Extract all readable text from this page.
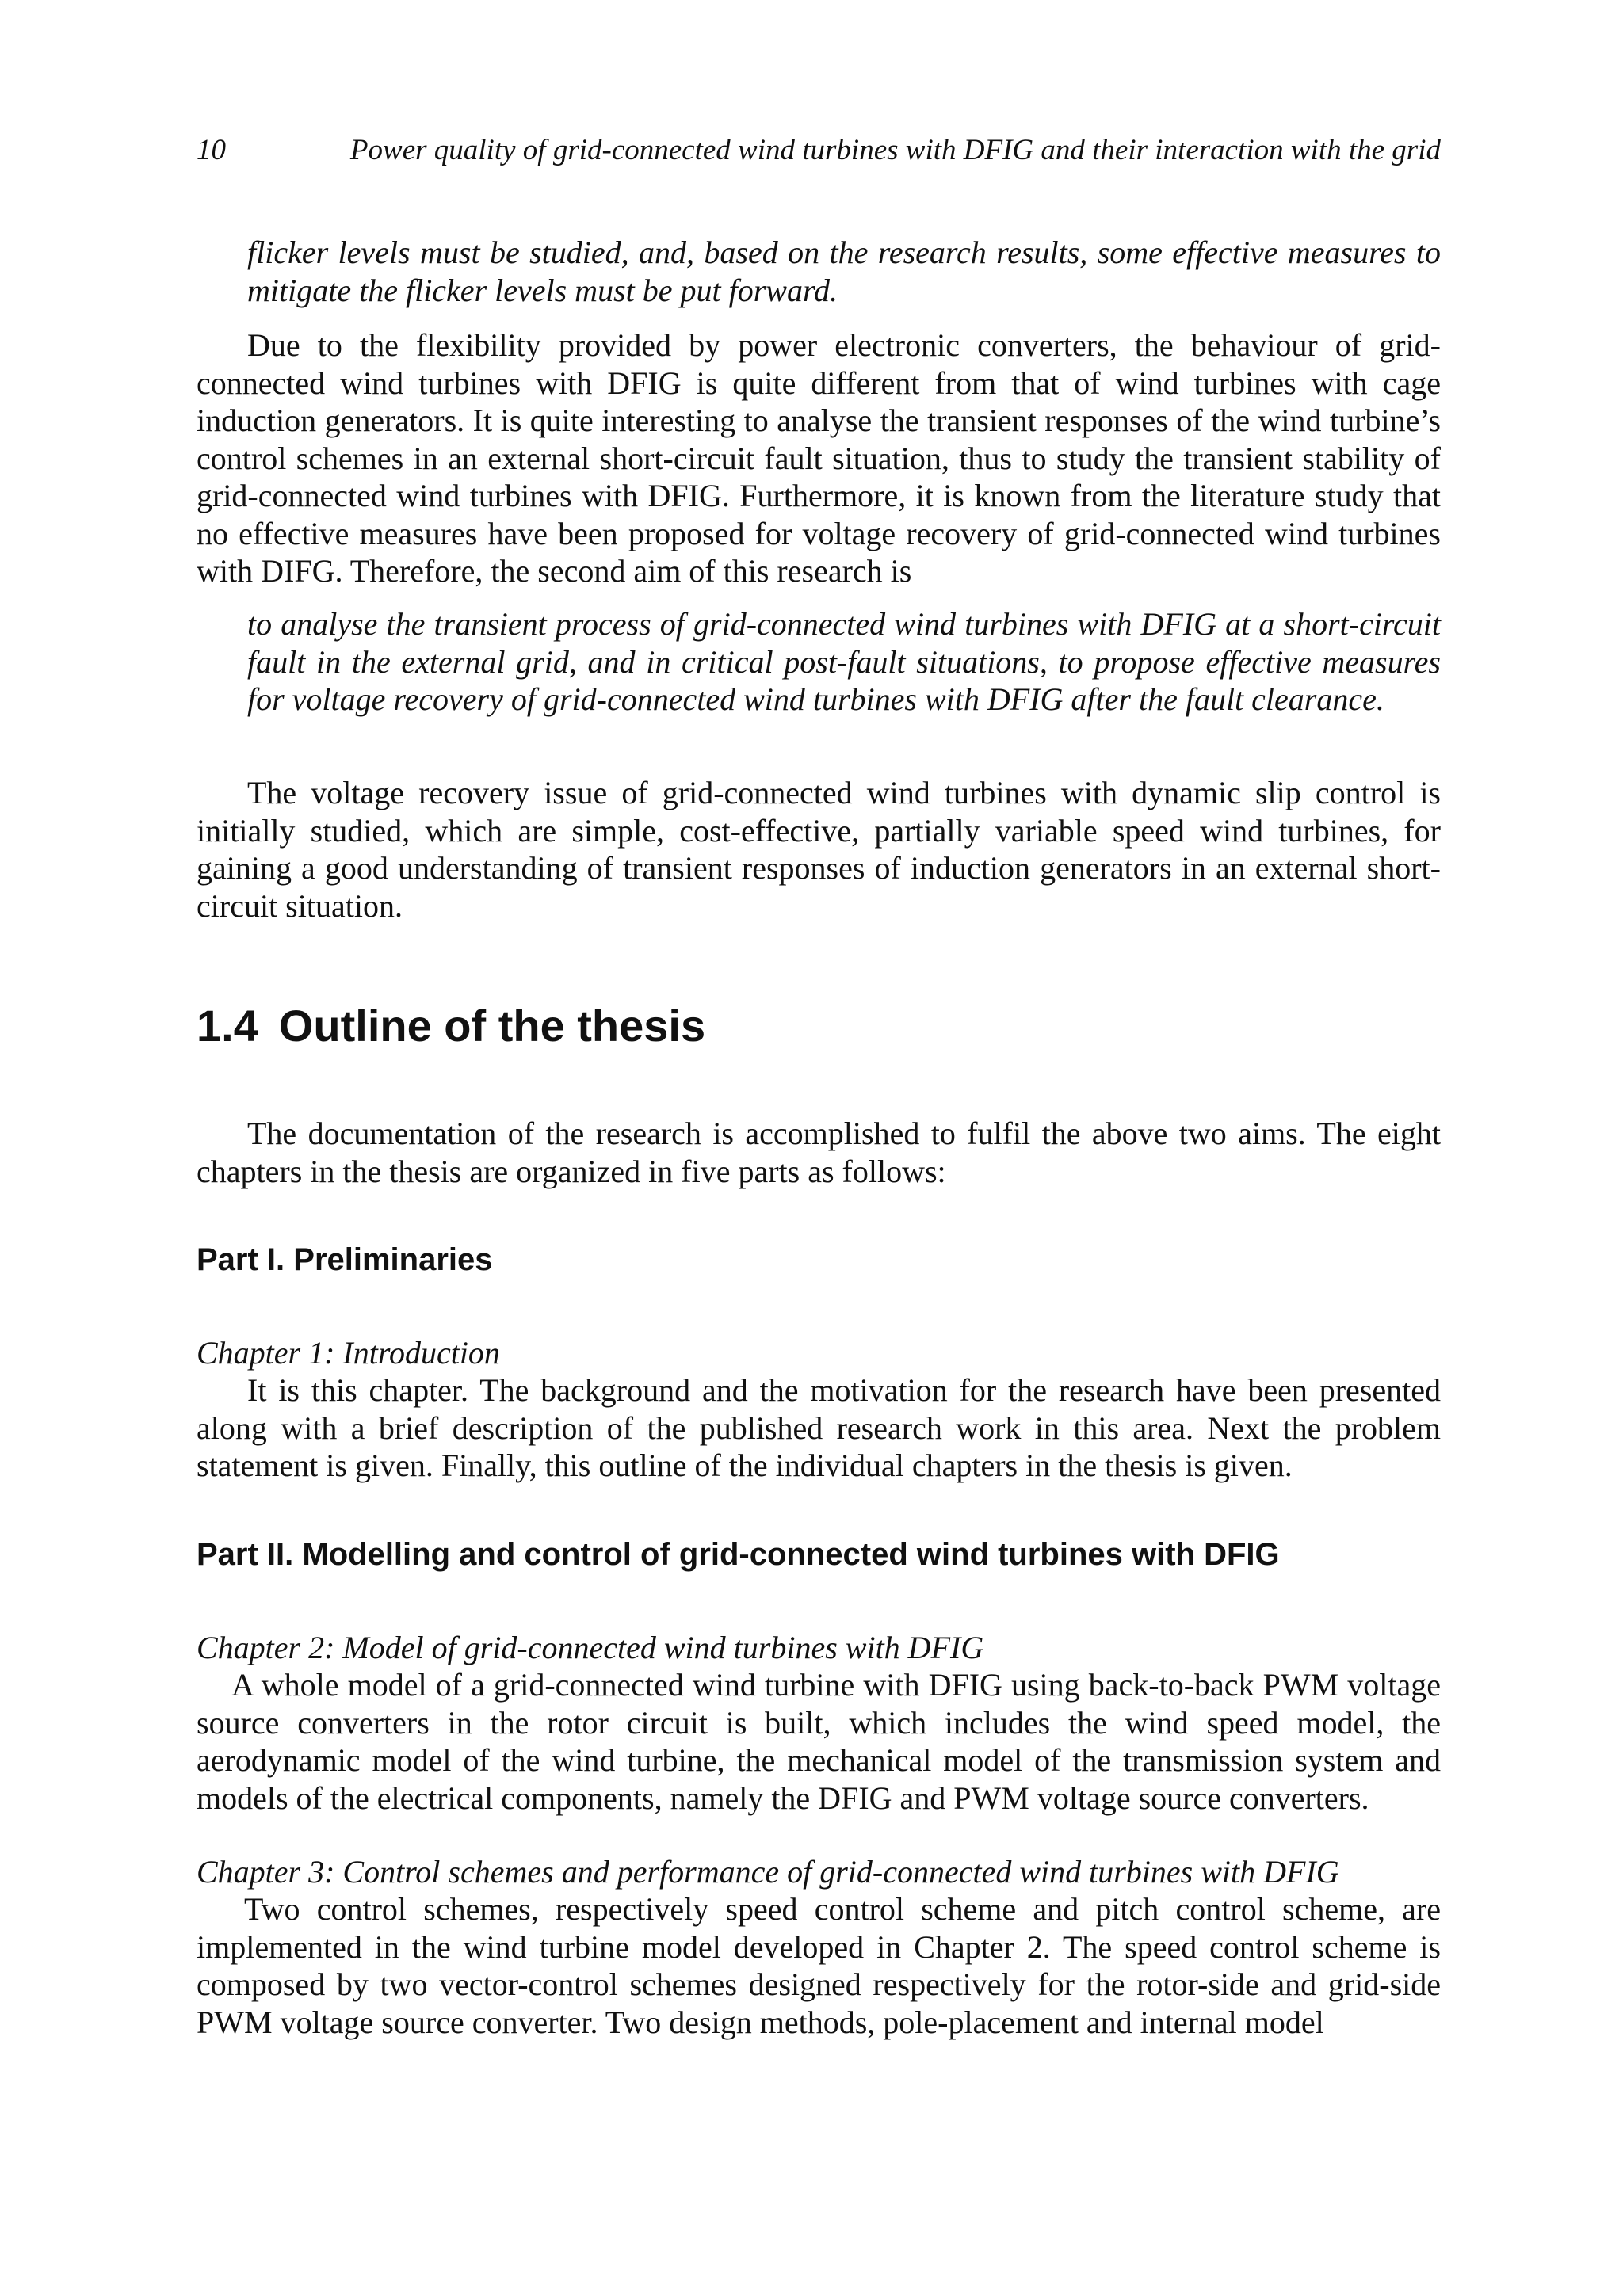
10	Power quality of grid-connected wind turbines with DFIG and their interaction with the grid
flicker levels must be studied, and, based on the research results, some effective measures to mitigate the flicker levels must be put forward.
Due to the flexibility provided by power electronic converters, the behaviour of grid-connected wind turbines with DFIG is quite different from that of wind turbines with cage induction generators. It is quite interesting to analyse the transient responses of the wind turbine’s control schemes in an external short-circuit fault situation, thus to study the transient stability of grid-connected wind turbines with DFIG. Furthermore, it is known from the literature study that no effective measures have been proposed for voltage recovery of grid-connected wind turbines with DIFG. Therefore, the second aim of this research is
to analyse the transient process of grid-connected wind turbines with DFIG at a short-circuit fault in the external grid, and in critical post-fault situations, to propose effective measures for voltage recovery of grid-connected wind turbines with DFIG after the fault clearance.
The voltage recovery issue of grid-connected wind turbines with dynamic slip control is initially studied, which are simple, cost-effective, partially variable speed wind turbines, for gaining a good understanding of transient responses of induction generators in an external short-circuit situation.
1.4 Outline of the thesis
The documentation of the research is accomplished to fulfil the above two aims. The eight chapters in the thesis are organized in five parts as follows:
Part I. Preliminaries
Chapter 1: Introduction
It is this chapter. The background and the motivation for the research have been presented along with a brief description of the published research work in this area. Next the problem statement is given. Finally, this outline of the individual chapters in the thesis is given.
Part II. Modelling and control of grid-connected wind turbines with DFIG
Chapter 2: Model of grid-connected wind turbines with DFIG
A whole model of a grid-connected wind turbine with DFIG using back-to-back PWM voltage source converters in the rotor circuit is built, which includes the wind speed model, the aerodynamic model of the wind turbine, the mechanical model of the transmission system and models of the electrical components, namely the DFIG and PWM voltage source converters.
Chapter 3: Control schemes and performance of grid-connected wind turbines with DFIG
Two control schemes, respectively speed control scheme and pitch control scheme, are implemented in the wind turbine model developed in Chapter 2. The speed control scheme is composed by two vector-control schemes designed respectively for the rotor-side and grid-side PWM voltage source converter. Two design methods, pole-placement and internal model
